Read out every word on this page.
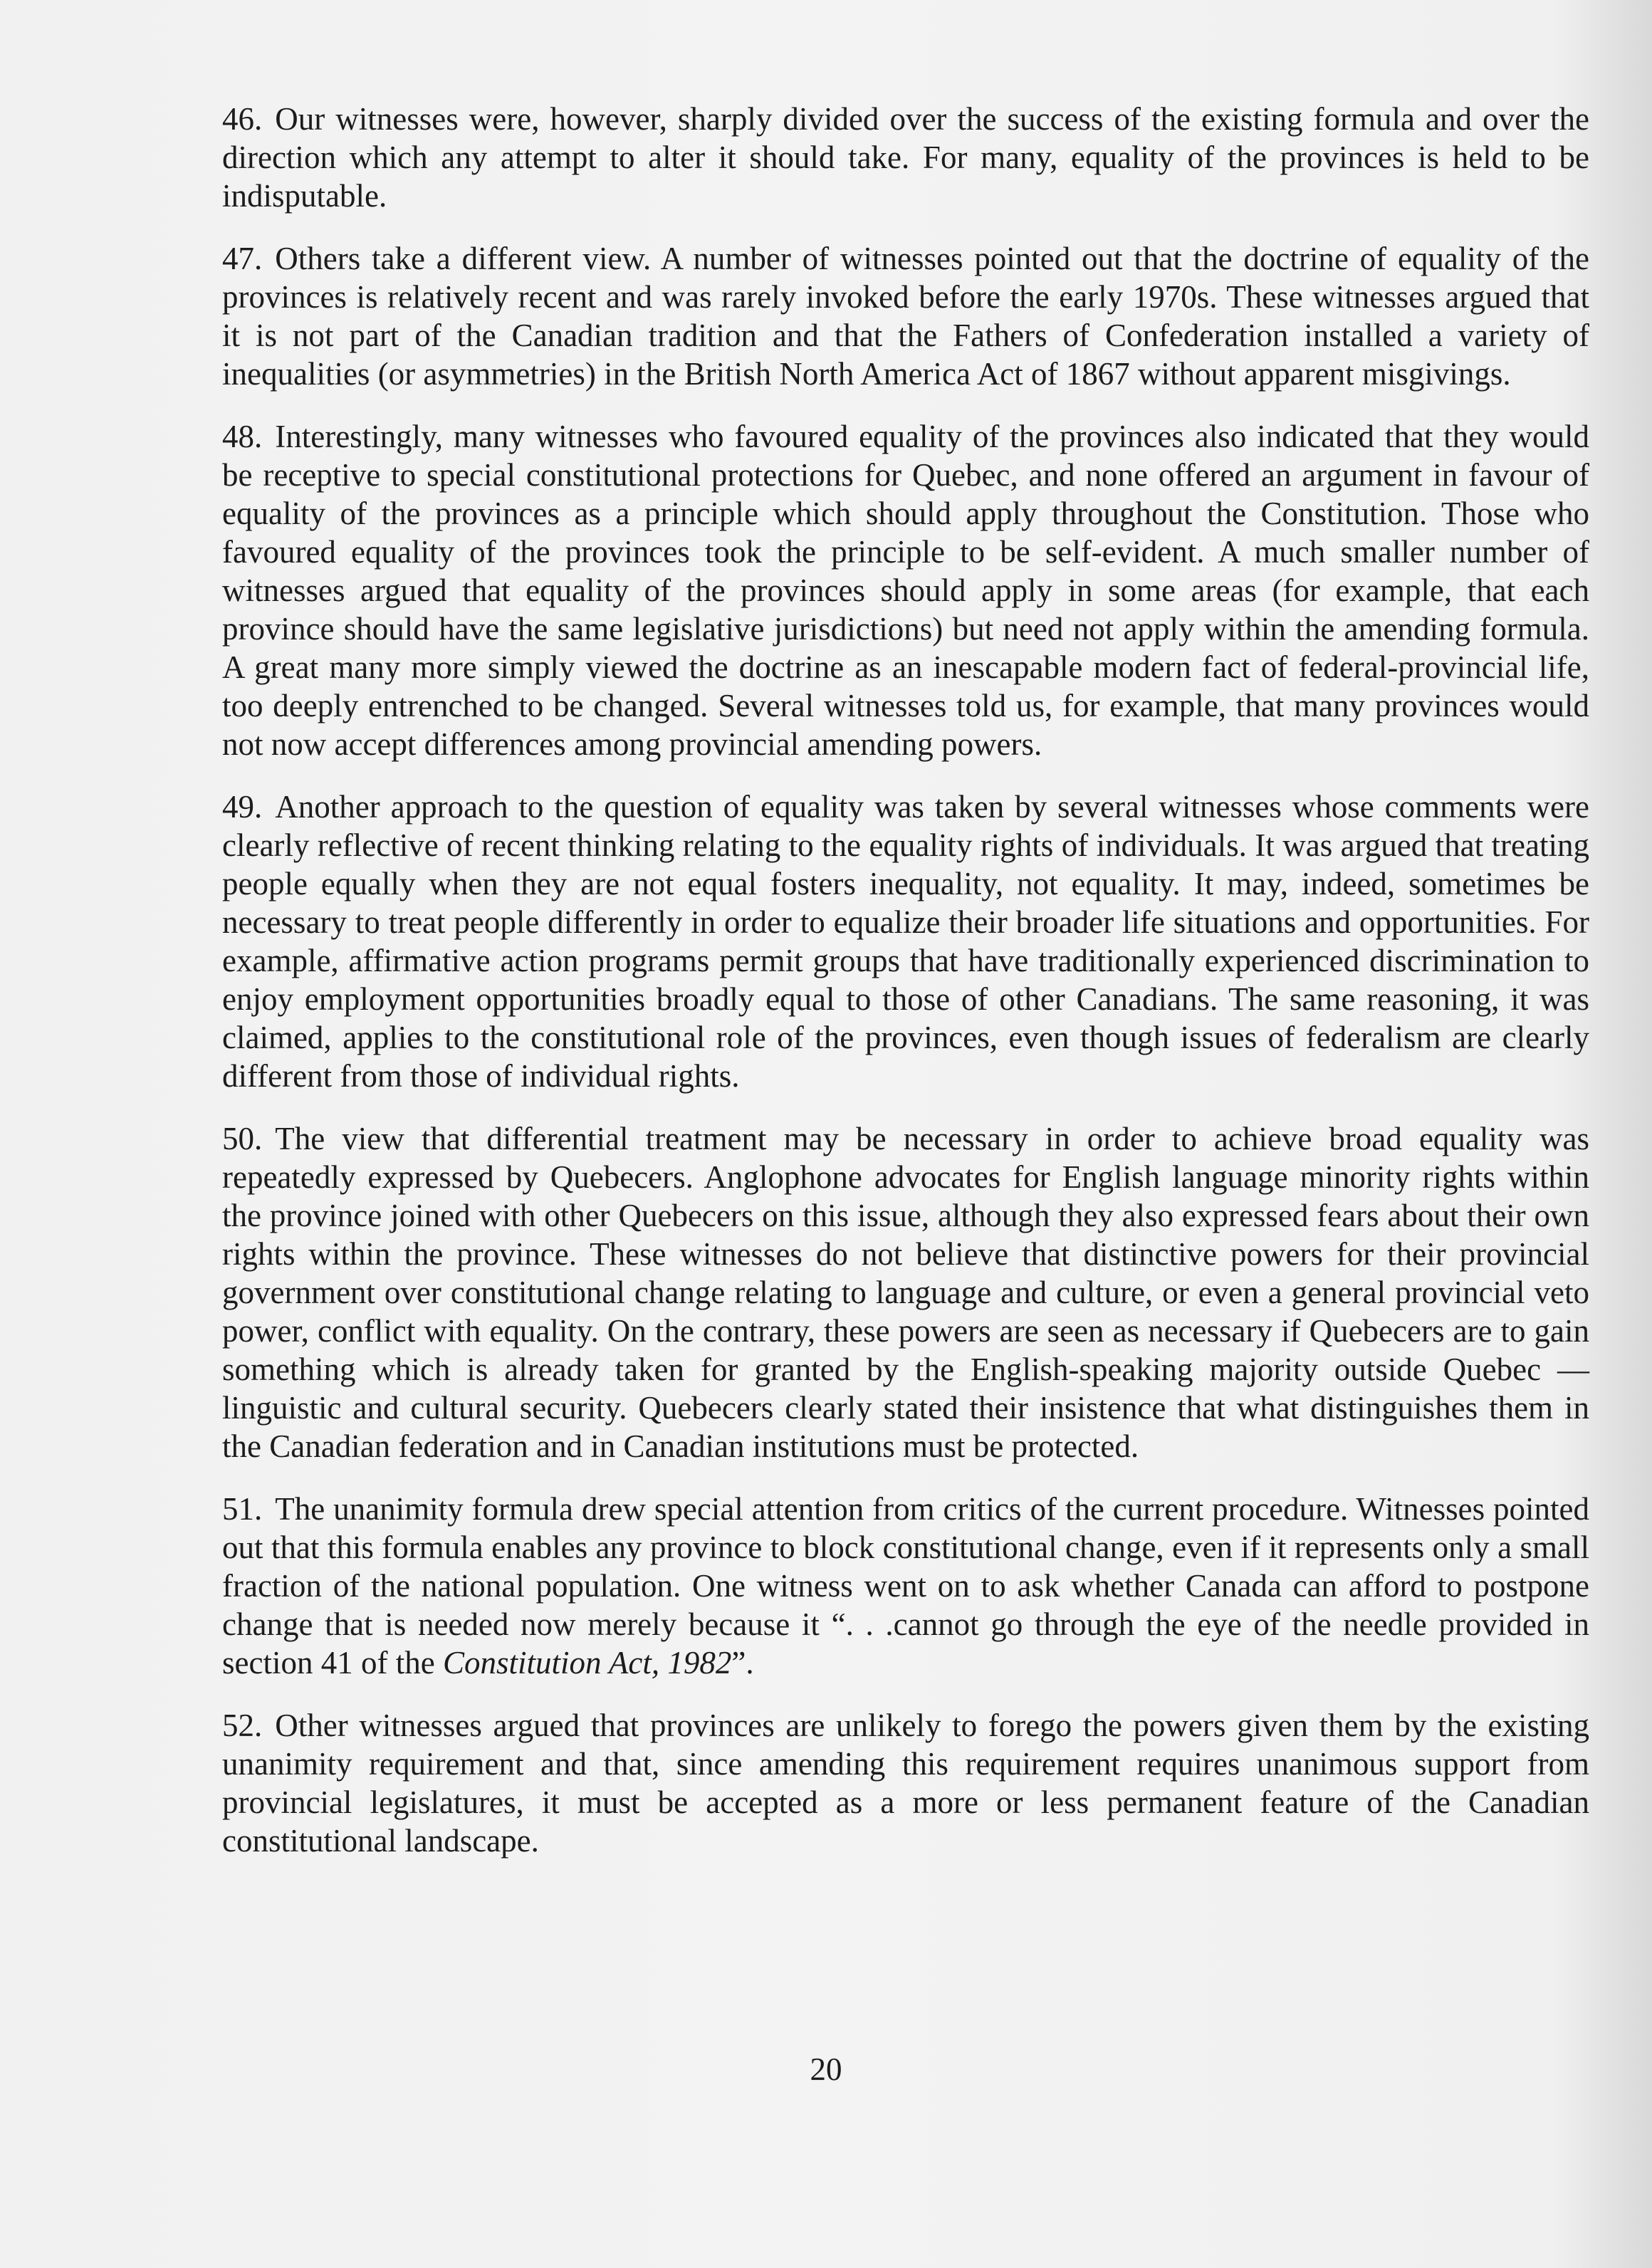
46. Our witnesses were, however, sharply divided over the success of the existing formula and over the direction which any attempt to alter it should take. For many, equality of the provinces is held to be indisputable.

47. Others take a different view. A number of witnesses pointed out that the doctrine of equality of the provinces is relatively recent and was rarely invoked before the early 1970s. These witnesses argued that it is not part of the Canadian tradition and that the Fathers of Confederation installed a variety of inequalities (or asymmetries) in the British North America Act of 1867 without apparent misgivings.

48. Interestingly, many witnesses who favoured equality of the provinces also indicated that they would be receptive to special constitutional protections for Quebec, and none offered an argument in favour of equality of the provinces as a principle which should apply throughout the Constitution. Those who favoured equality of the provinces took the principle to be self-evident. A much smaller number of witnesses argued that equality of the provinces should apply in some areas (for example, that each province should have the same legislative jurisdictions) but need not apply within the amending formula. A great many more simply viewed the doctrine as an inescapable modern fact of federal-provincial life, too deeply entrenched to be changed. Several witnesses told us, for example, that many provinces would not now accept differences among provincial amending powers.

49. Another approach to the question of equality was taken by several witnesses whose comments were clearly reflective of recent thinking relating to the equality rights of individuals. It was argued that treating people equally when they are not equal fosters inequality, not equality. It may, indeed, sometimes be necessary to treat people differently in order to equalize their broader life situations and opportunities. For example, affirmative action programs permit groups that have traditionally experienced discrimination to enjoy employment opportunities broadly equal to those of other Canadians. The same reasoning, it was claimed, applies to the constitutional role of the provinces, even though issues of federalism are clearly different from those of individual rights.

50. The view that differential treatment may be necessary in order to achieve broad equality was repeatedly expressed by Quebecers. Anglophone advocates for English language minority rights within the province joined with other Quebecers on this issue, although they also expressed fears about their own rights within the province. These witnesses do not believe that distinctive powers for their provincial government over constitutional change relating to language and culture, or even a general provincial veto power, conflict with equality. On the contrary, these powers are seen as necessary if Quebecers are to gain something which is already taken for granted by the English-speaking majority outside Quebec — linguistic and cultural security. Quebecers clearly stated their insistence that what distinguishes them in the Canadian federation and in Canadian institutions must be protected.

51. The unanimity formula drew special attention from critics of the current procedure. Witnesses pointed out that this formula enables any province to block constitutional change, even if it represents only a small fraction of the national population. One witness went on to ask whether Canada can afford to postpone change that is needed now merely because it “. . .cannot go through the eye of the needle provided in section 41 of the Constitution Act, 1982”.

52. Other witnesses argued that provinces are unlikely to forego the powers given them by the existing unanimity requirement and that, since amending this requirement requires unanimous support from provincial legislatures, it must be accepted as a more or less permanent feature of the Canadian constitutional landscape.

20
